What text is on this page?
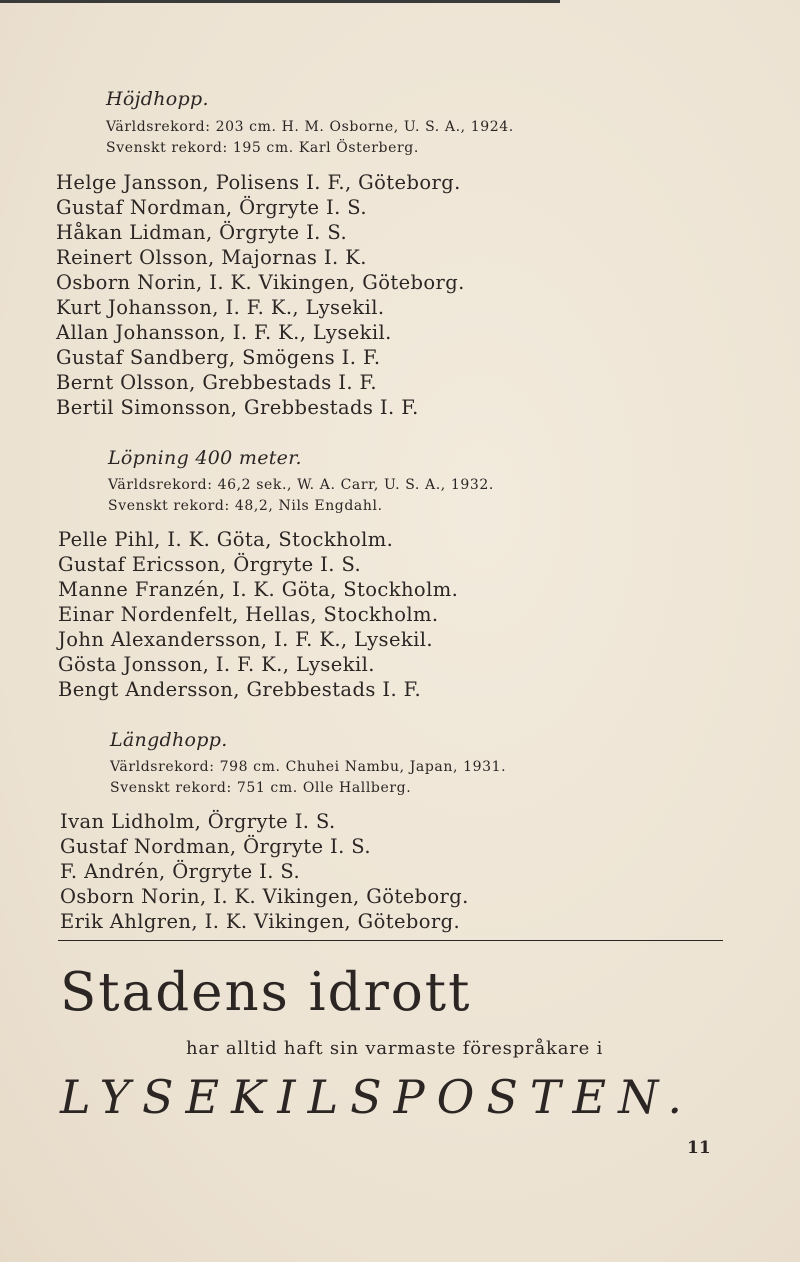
Höjdhopp.
Världsrekord: 203 cm. H. M. Osborne, U. S. A., 1924.
Svenskt rekord: 195 cm. Karl Österberg.
Helge Jansson, Polisens I. F., Göteborg.
Gustaf Nordman, Örgryte I. S.
Håkan Lidman, Örgryte I. S.
Reinert Olsson, Majornas I. K.
Osborn Norin, I. K. Vikingen, Göteborg.
Kurt Johansson, I. F. K., Lysekil.
Allan Johansson, I. F. K., Lysekil.
Gustaf Sandberg, Smögens I. F.
Bernt Olsson, Grebbestads I. F.
Bertil Simonsson, Grebbestads I. F.
Löpning 400 meter.
Världsrekord: 46,2 sek., W. A. Carr, U. S. A., 1932.
Svenskt rekord: 48,2, Nils Engdahl.
Pelle Pihl, I. K. Göta, Stockholm.
Gustaf Ericsson, Örgryte I. S.
Manne Franzén, I. K. Göta, Stockholm.
Einar Nordenfelt, Hellas, Stockholm.
John Alexandersson, I. F. K., Lysekil.
Gösta Jonsson, I. F. K., Lysekil.
Bengt Andersson, Grebbestads I. F.
Längdhopp.
Världsrekord: 798 cm. Chuhei Nambu, Japan, 1931.
Svenskt rekord: 751 cm. Olle Hallberg.
Ivan Lidholm, Örgryte I. S.
Gustaf Nordman, Örgryte I. S.
F. Andrén, Örgryte I. S.
Osborn Norin, I. K. Vikingen, Göteborg.
Erik Ahlgren, I. K. Vikingen, Göteborg.
Stadens idrott
har alltid haft sin varmaste förespråkare i
LYSEKILSPOSTEN.
11
